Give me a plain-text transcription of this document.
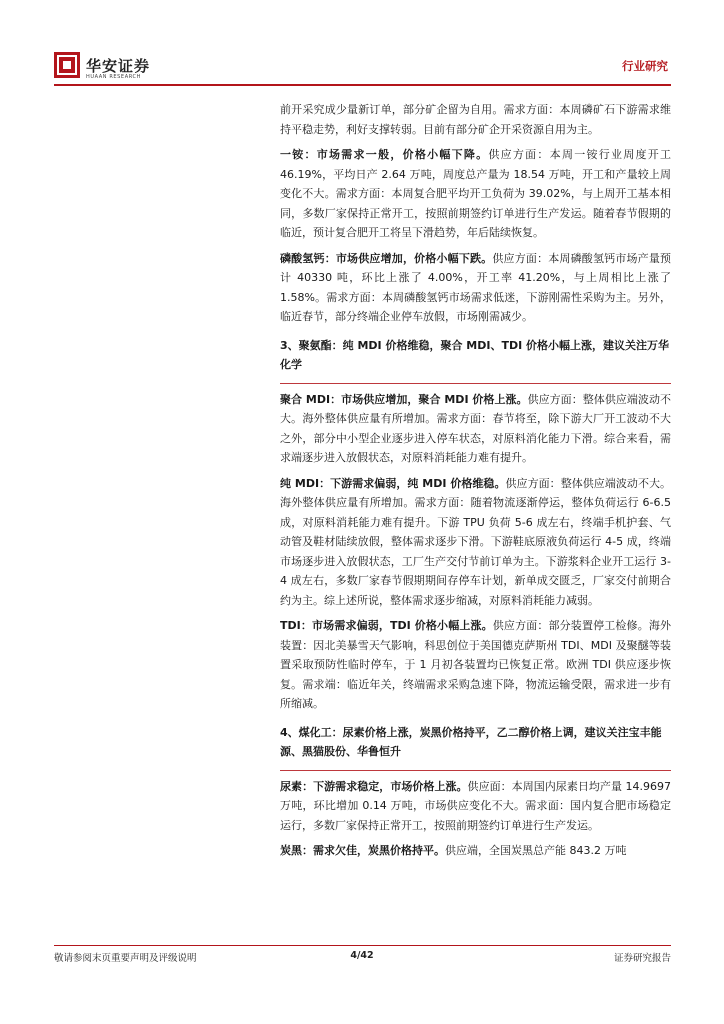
华安证券
HUAAN RESEARCH
行业研究

前开采究成少量新订单，部分矿企留为自用。需求方面：本周磷矿石下游需求维持平稳走势，利好支撑转弱。目前有部分矿企开采资源自用为主。

一铵：市场需求一般，价格小幅下降。供应方面：本周一铵行业周度开工 46.19%，平均日产 2.64 万吨，周度总产量为 18.54 万吨，开工和产量较上周变化不大。需求方面：本周复合肥平均开工负荷为 39.02%，与上周开工基本相同，多数厂家保持正常开工，按照前期签约订单进行生产发运。随着春节假期的临近，预计复合肥开工将呈下滑趋势，年后陆续恢复。

磷酸氢钙：市场供应增加，价格小幅下跌。供应方面：本周磷酸氢钙市场产量预计 40330 吨，环比上涨了 4.00%，开工率 41.20%，与上周相比上涨了 1.58%。需求方面：本周磷酸氢钙市场需求低迷，下游刚需性采购为主。另外，临近春节，部分终端企业停车放假，市场刚需减少。

3、聚氨酯：纯 MDI 价格维稳，聚合 MDI、TDI 价格小幅上涨，建议关注万华化学

聚合 MDI：市场供应增加，聚合 MDI 价格上涨。供应方面：整体供应端波动不大。海外整体供应量有所增加。需求方面：春节将至，除下游大厂开工波动不大之外，部分中小型企业逐步进入停车状态，对原料消化能力下滑。综合来看，需求端逐步进入放假状态，对原料消耗能力难有提升。

纯 MDI：下游需求偏弱，纯 MDI 价格维稳。供应方面：整体供应端波动不大。海外整体供应量有所增加。需求方面：随着物流逐渐停运，整体负荷运行 6-6.5 成，对原料消耗能力难有提升。下游 TPU 负荷 5-6 成左右，终端手机护套、气动管及鞋材陆续放假，整体需求逐步下滑。下游鞋底原液负荷运行 4-5 成，终端市场逐步进入放假状态，工厂生产交付节前订单为主。下游浆料企业开工运行 3-4 成左右，多数厂家春节假期期间存停车计划，新单成交匮乏，厂家交付前期合约为主。综上述所说，整体需求逐步缩减，对原料消耗能力减弱。

TDI：市场需求偏弱，TDI 价格小幅上涨。供应方面：部分装置停工检修。海外装置：因北美暴雪天气影响，科思创位于美国德克萨斯州 TDI、MDI 及聚醚等装置采取预防性临时停车，于 1 月初各装置均已恢复正常。欧洲 TDI 供应逐步恢复。需求端：临近年关，终端需求采购急速下降，物流运输受限，需求进一步有所缩减。

4、煤化工：尿素价格上涨，炭黑价格持平，乙二醇价格上调，建议关注宝丰能源、黑猫股份、华鲁恒升

尿素：下游需求稳定，市场价格上涨。供应面：本周国内尿素日均产量 14.9697 万吨，环比增加 0.14 万吨，市场供应变化不大。需求面：国内复合肥市场稳定运行，多数厂家保持正常开工，按照前期签约订单进行生产发运。

炭黑：需求欠佳，炭黑价格持平。供应端，全国炭黑总产能 843.2 万吨

敬请参阅末页重要声明及评级说明	4/42	证券研究报告
